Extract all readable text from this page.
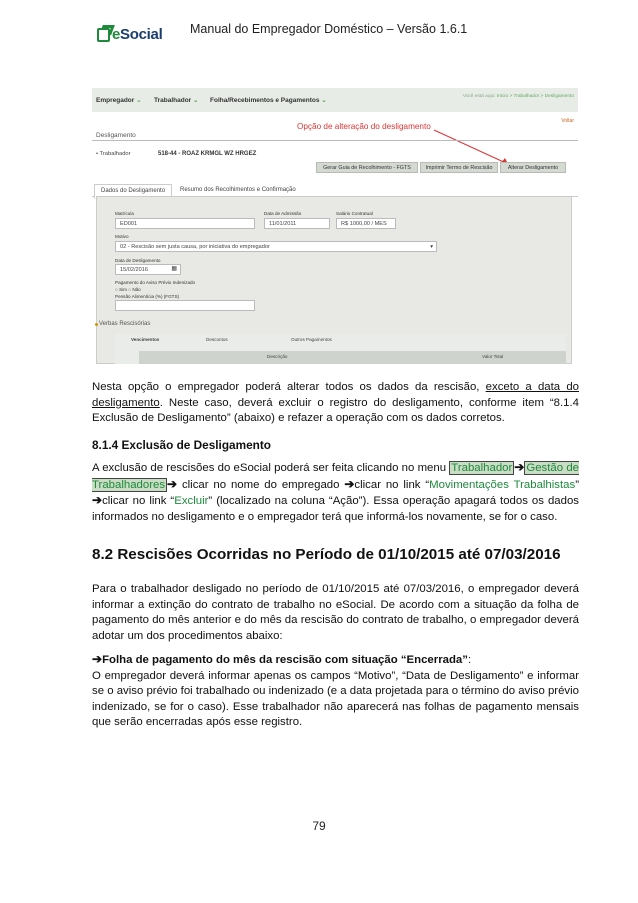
eSocial Manual do Empregador Doméstico – Versão 1.6.1
Empregador ⌄ Trabalhador ⌄ Folha/Recebimentos e Pagamentos ⌄
Você está aqui: Inicio > Trabalhador > Desligamento
Voltar
Opção de alteração do desligamento
Desligamento
• Trabalhador	518-44 - ROAZ KRMGL WZ HRGEZ
Gerar Guia de Recolhimento - FGTS	Imprimir Termo de Rescisão	Alterar Desligamento
Dados do Desligamento	Resumo dos Recolhimentos e Confirmação
Matrícula
ED001
Data de Admissão
11/01/2011
Salário Contratual
R$ 1000,00 / MES
Motivo
02 - Rescisão sem justa causa, por iniciativa do empregador	▾
Data de Desligamento
15/02/2016	▦
Pagamento do Aviso Prévio Indenizado
○ Sim ○ Não
Pensão Alimentícia (%) (FGTS)
Verbas Rescisórias
Vencimentos	Descontos	Outros Pagamentos
Descrição	Valor Total
Nesta opção o empregador poderá alterar todos os dados da rescisão, exceto a data do desligamento. Neste caso, deverá excluir o registro do desligamento, conforme item “8.1.4 Exclusão de Desligamento” (abaixo) e refazer a operação com os dados corretos.
8.1.4 Exclusão de Desligamento
A exclusão de rescisões do eSocial poderá ser feita clicando no menu Trabalhador ➔ Gestão de Trabalhadores ➔ clicar no nome do empregado ➔clicar no link “Movimentações Trabalhistas” ➔clicar no link “Excluir” (localizado na coluna “Ação”). Essa operação apagará todos os dados informados no desligamento e o empregador terá que informá-los novamente, se for o caso.
8.2 Rescisões Ocorridas no Período de 01/10/2015 até 07/03/2016
Para o trabalhador desligado no período de 01/10/2015 até 07/03/2016, o empregador deverá informar a extinção do contrato de trabalho no eSocial. De acordo com a situação da folha de pagamento do mês anterior e do mês da rescisão do contrato de trabalho, o empregador deverá adotar um dos procedimentos abaixo:
➔Folha de pagamento do mês da rescisão com situação “Encerrada”:
O empregador deverá informar apenas os campos “Motivo”, “Data de Desligamento” e informar se o aviso prévio foi trabalhado ou indenizado (e a data projetada para o término do aviso prévio indenizado, se for o caso). Esse trabalhador não aparecerá nas folhas de pagamento mensais que serão encerradas após esse registro.
79
